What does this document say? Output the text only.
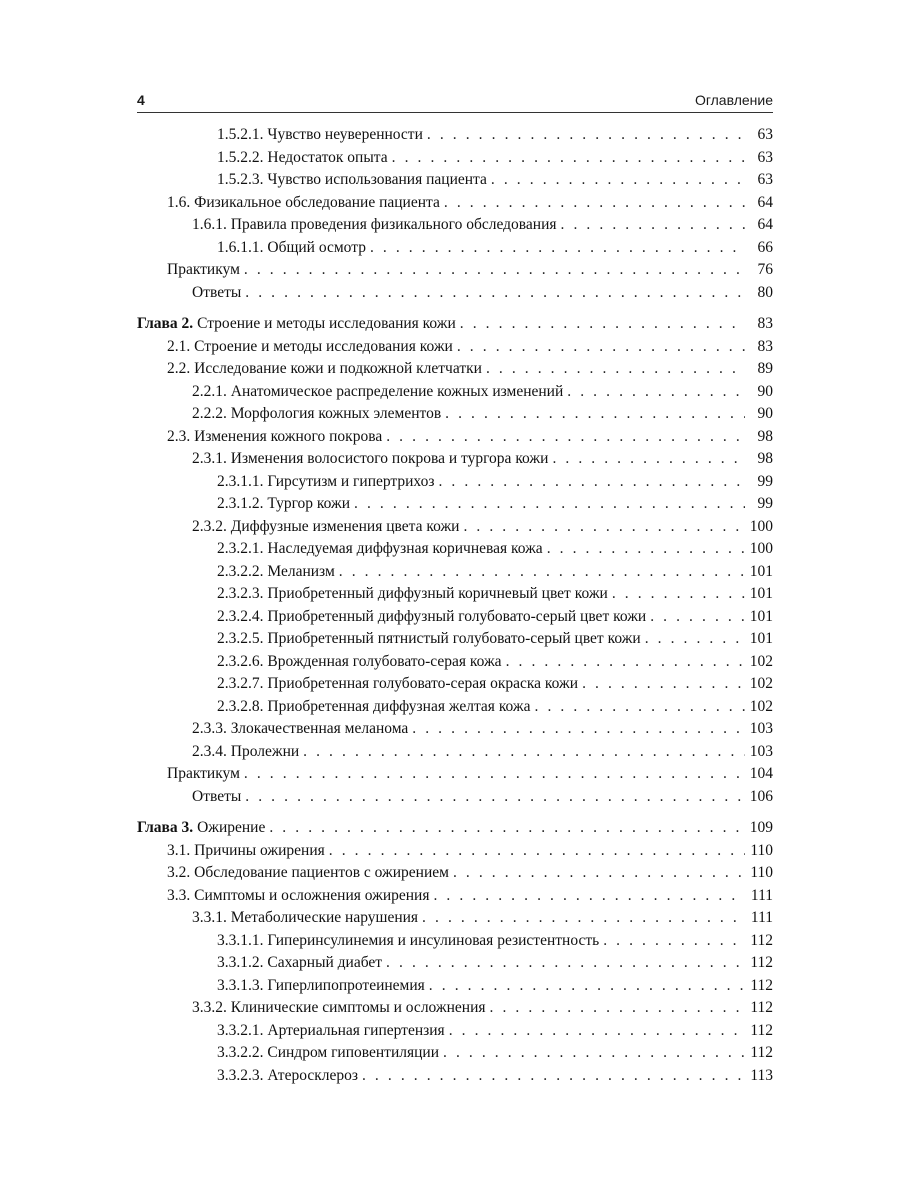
4	Оглавление
1.5.2.1. Чувство неуверенности . . .	63
1.5.2.2. Недостаток опыта . . .	63
1.5.2.3. Чувство использования пациента . . .	63
1.6. Физикальное обследование пациента . . .	64
1.6.1. Правила проведения физикального обследования . . .	64
1.6.1.1. Общий осмотр . . .	66
Практикум . . .	76
Ответы . . .	80
Глава 2. Строение и методы исследования кожи . . .	83
2.1. Строение и методы исследования кожи . . .	83
2.2. Исследование кожи и подкожной клетчатки . . .	89
2.2.1. Анатомическое распределение кожных изменений . . .	90
2.2.2. Морфология кожных элементов . . .	90
2.3. Изменения кожного покрова . . .	98
2.3.1. Изменения волосистого покрова и тургора кожи . . .	98
2.3.1.1. Гирсутизм и гипертрихоз . . .	99
2.3.1.2. Тургор кожи . . .	99
2.3.2. Диффузные изменения цвета кожи . . .	100
2.3.2.1. Наследуемая диффузная коричневая кожа . . .	100
2.3.2.2. Меланизм . . .	101
2.3.2.3. Приобретенный диффузный коричневый цвет кожи . . .	101
2.3.2.4. Приобретенный диффузный голубовато-серый цвет кожи . . .	101
2.3.2.5. Приобретенный пятнистый голубовато-серый цвет кожи . . .	101
2.3.2.6. Врожденная голубовато-серая кожа . . .	102
2.3.2.7. Приобретенная голубовато-серая окраска кожи . . .	102
2.3.2.8. Приобретенная диффузная желтая кожа . . .	102
2.3.3. Злокачественная меланома . . .	103
2.3.4. Пролежни . . .	103
Практикум . . .	104
Ответы . . .	106
Глава 3. Ожирение . . .	109
3.1. Причины ожирения . . .	110
3.2. Обследование пациентов с ожирением . . .	110
3.3. Симптомы и осложнения ожирения . . .	111
3.3.1. Метаболические нарушения . . .	111
3.3.1.1. Гиперинсулинемия и инсулиновая резистентность . . .	112
3.3.1.2. Сахарный диабет . . .	112
3.3.1.3. Гиперлипопротеинемия . . .	112
3.3.2. Клинические симптомы и осложнения . . .	112
3.3.2.1. Артериальная гипертензия . . .	112
3.3.2.2. Синдром гиповентиляции . . .	112
3.3.2.3. Атеросклероз . . .	113
